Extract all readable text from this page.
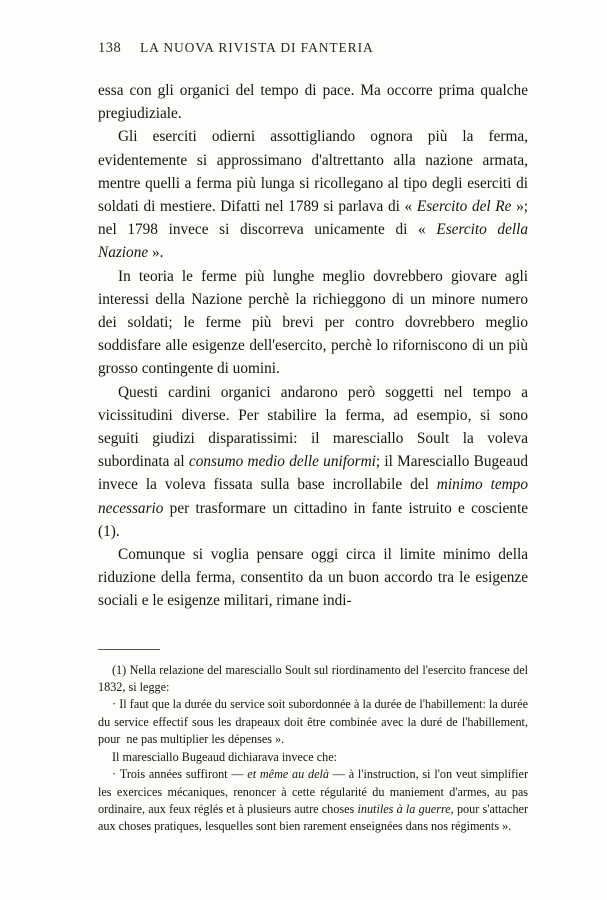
138	LA NUOVA RIVISTA DI FANTERIA

essa con gli organici del tempo di pace. Ma occorre prima qualche pregiudiziale.

Gli eserciti odierni assottigliando ognora più la ferma, evidentemente si approssimano d'altrettanto alla nazione armata, mentre quelli a ferma più lunga si ricollegano al tipo degli eserciti di soldati di mestiere. Difatti nel 1789 si parlava di « Esercito del Re »; nel 1798 invece si discorreva unicamente di « Esercito della Nazione ».

In teoria le ferme più lunghe meglio dovrebbero giovare agli interessi della Nazione perchè la richieggono di un minore numero dei soldati; le ferme più brevi per contro dovrebbero meglio soddisfare alle esigenze dell'esercito, perchè lo riforniscono di un più grosso contingente di uomini.

Questi cardini organici andarono però soggetti nel tempo a vicissitudini diverse. Per stabilire la ferma, ad esempio, si sono seguiti giudizi disparatissimi: il maresciallo Soult la voleva subordinata al consumo medio delle uniformi; il Maresciallo Bugeaud invece la voleva fissata sulla base incrollabile del minimo tempo necessario per trasformare un cittadino in fante istruito e cosciente (1).

Comunque si voglia pensare oggi circa il limite minimo della riduzione della ferma, consentito da un buon accordo tra le esigenze sociali e le esigenze militari, rimane indi-

(1) Nella relazione del maresciallo Soult sul riordinamento del l'esercito francese del 1832, si legge:

· Il faut que la durée du service soit subordonnée à la durée de l'habillement: la durée du service effectif sous les drapeaux doit être combinée avec la duré de l'habillement, pour  ne pas multiplier les dépenses ».

Il maresciallo Bugeaud dichiarava invece che:

· Trois années suffiront — et même au delà — à l'instruction, si l'on veut simplifier les exercices mécaniques, renoncer à cette régularité du maniement d'armes, au pas ordinaire, aux feux réglés et à plusieurs autre choses inutiles à la guerre, pour s'attacher aux choses pratiques, lesquelles sont bien rarement enseignées dans nos régiments ».
